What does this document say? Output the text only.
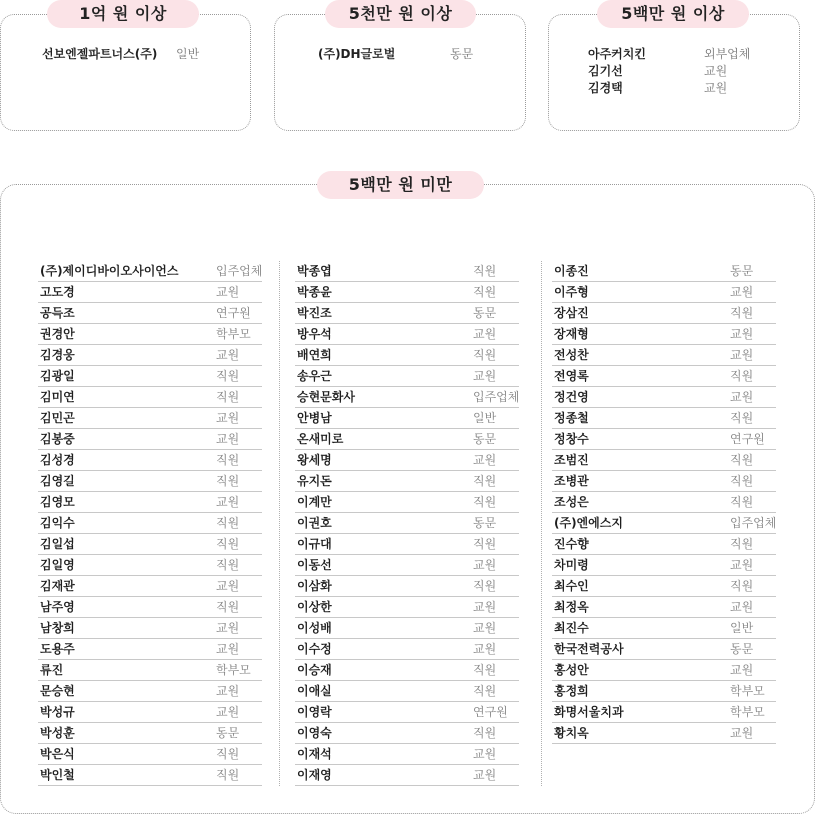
1억 원 이상
선보엔젤파트너스(주) 일반
5천만 원 이상
(주)DH글로벌	동문
5백만 원 이상
아주커치킨	외부업체
김기선	교원
김경택	교원
5백만 원 미만
(주)제이디바이오사이언스	입주업체
고도경	교원
공득조	연구원
권경안	학부모
김경웅	교원
김광일	직원
김미연	직원
김민곤	교원
김봉중	교원
김성경	직원
김영길	직원
김영모	교원
김익수	직원
김일섭	직원
김일영	직원
김재관	교원
남주영	직원
남창희	교원
도용주	교원
류진	학부모
문승현	교원
박성규	교원
박성훈	동문
박은식	직원
박인철	직원
박종엽	직원
박종윤	직원
박진조	동문
방우석	교원
배연희	직원
송우근	교원
승현문화사	입주업체
안병남	일반
온새미로	동문
왕세명	교원
유지돈	직원
이계만	직원
이권호	동문
이규대	직원
이동선	교원
이삼화	직원
이상한	교원
이성배	교원
이수정	교원
이승재	직원
이애실	직원
이영락	연구원
이영숙	직원
이재석	교원
이재영	교원
이종진	동문
이주형	교원
장삼진	직원
장재형	교원
전성찬	교원
전영록	직원
정건영	교원
정종철	직원
정창수	연구원
조범진	직원
조병관	직원
조성은	직원
(주)엔에스지	입주업체
진수향	직원
차미령	교원
최수인	직원
최정옥	교원
최진수	일반
한국전력공사	동문
홍성안	교원
홍정희	학부모
화명서울치과	학부모
황치옥	교원
